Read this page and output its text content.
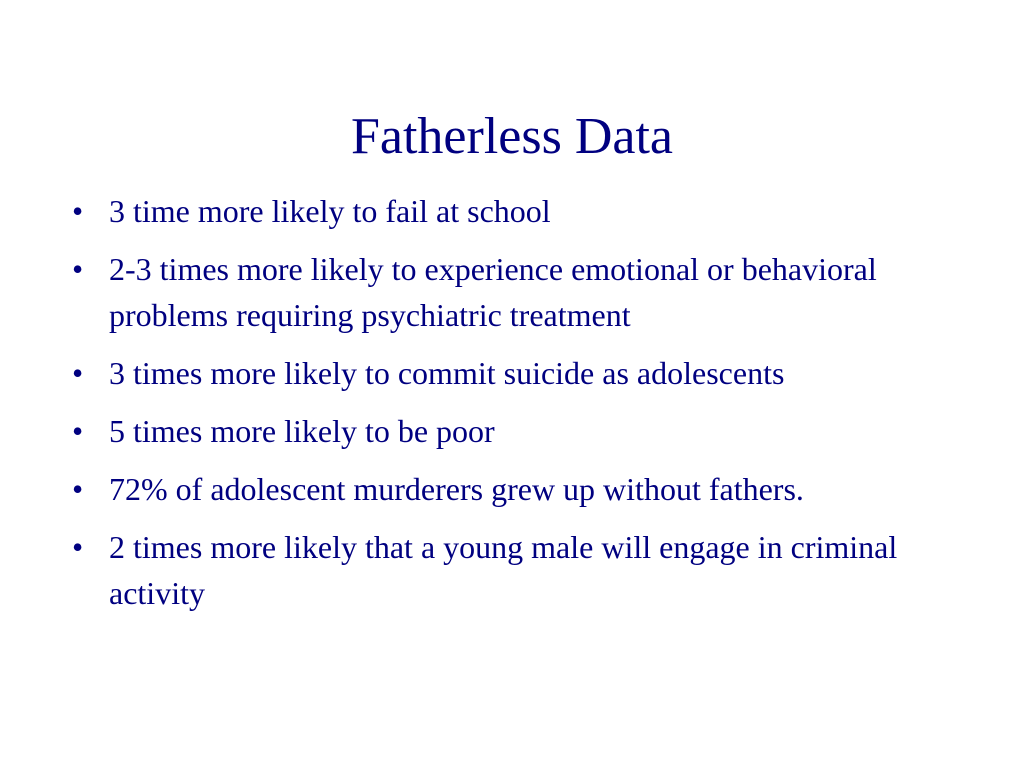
Fatherless Data
• 3 time more likely to fail at school
• 2-3 times more likely to experience emotional or behavioral problems requiring psychiatric treatment
• 3 times more likely to commit suicide as adolescents
• 5 times more likely to be poor
• 72% of adolescent murderers grew up without fathers.
• 2 times more likely that a young male will engage in criminal activity
